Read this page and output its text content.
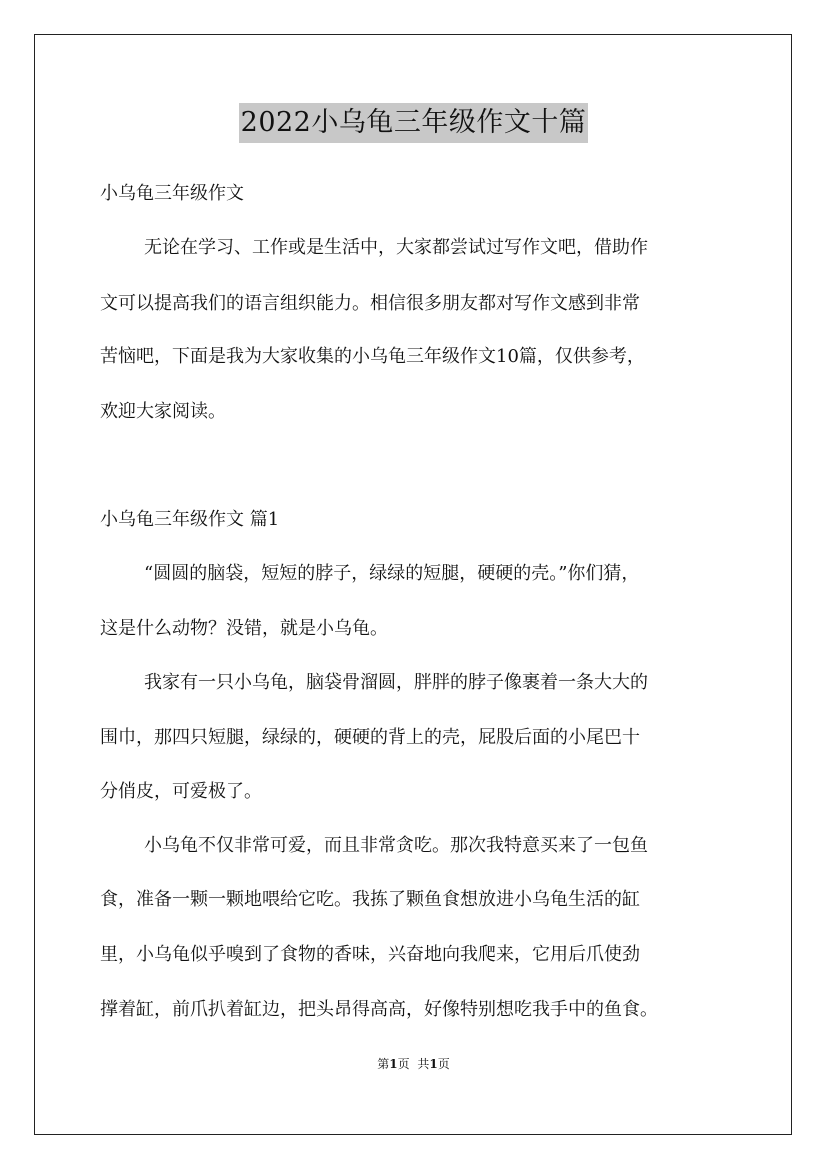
2022小乌龟三年级作文十篇

小乌龟三年级作文

无论在学习、工作或是生活中，大家都尝试过写作文吧，借助作

文可以提高我们的语言组织能力。相信很多朋友都对写作文感到非常

苦恼吧，下面是我为大家收集的小乌龟三年级作文10篇，仅供参考，

欢迎大家阅读。

小乌龟三年级作文 篇1

“圆圆的脑袋，短短的脖子，绿绿的短腿，硬硬的壳。”你们猜，

这是什么动物？没错，就是小乌龟。

我家有一只小乌龟，脑袋骨溜圆，胖胖的脖子像裹着一条大大的

围巾，那四只短腿，绿绿的，硬硬的背上的壳，屁股后面的小尾巴十

分俏皮，可爱极了。

小乌龟不仅非常可爱，而且非常贪吃。那次我特意买来了一包鱼

食，准备一颗一颗地喂给它吃。我拣了颗鱼食想放进小乌龟生活的缸

里，小乌龟似乎嗅到了食物的香味，兴奋地向我爬来，它用后爪使劲

撑着缸，前爪扒着缸边，把头昂得高高，好像特别想吃我手中的鱼食。

第1页 共1页
